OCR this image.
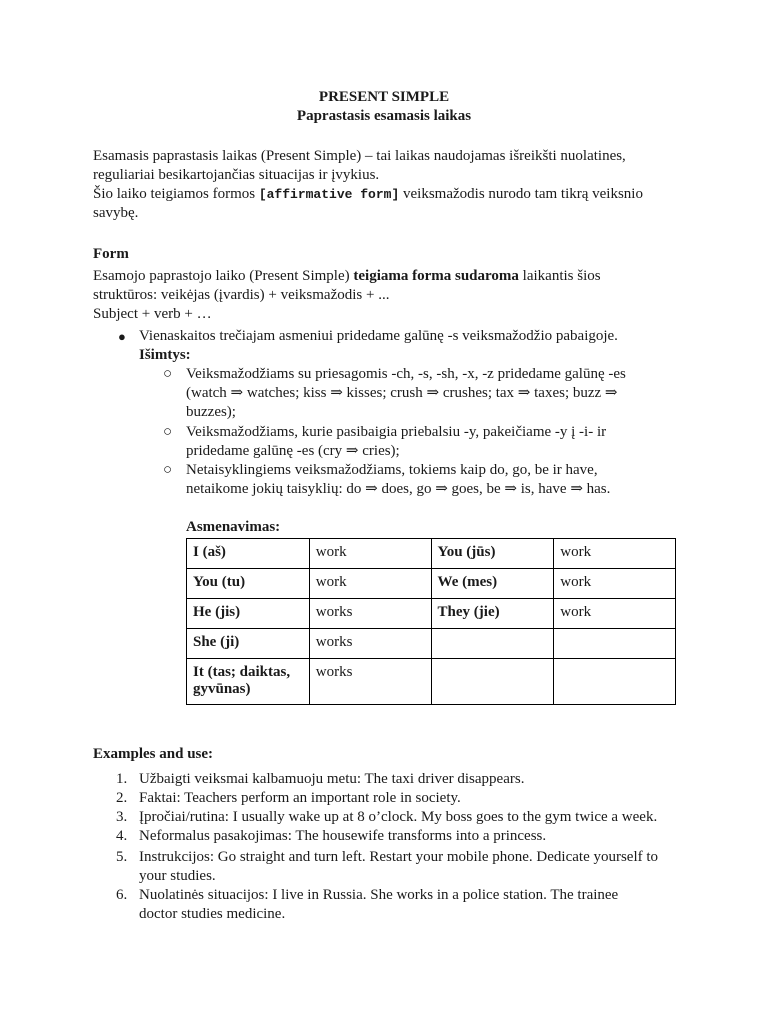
PRESENT SIMPLE
Paprastasis esamasis laikas
Esamasis paprastasis laikas (Present Simple) – tai laikas naudojamas išreikšti nuolatines,
reguliariai besikartojančias situacijas ir įvykius.
Šio laiko teigiamos formos [affirmative form] veiksmažodis nurodo tam tikrą veiksnio
savybę.
Form
Esamojo paprastojo laiko (Present Simple) teigiama forma sudaroma laikantis šios
struktūros: veikėjas (įvardis) + veiksmažodis + ...
Subject + verb + …
● Vienaskaitos trečiajam asmeniui pridedame galūnę -s veiksmažodžio pabaigoje.
Išimtys:
○ Veiksmažodžiams su priesagomis -ch, -s, -sh, -x, -z pridedame galūnę -es
(watch ⇒ watches; kiss ⇒ kisses; crush ⇒ crushes; tax ⇒ taxes; buzz ⇒
buzzes);
○ Veiksmažodžiams, kurie pasibaigia priebalsiu -y, pakeičiame -y į -i- ir
pridedame galūnę -es (cry ⇒ cries);
○ Netaisyklingiems veiksmažodžiams, tokiems kaip do, go, be ir have,
netaikome jokių taisyklių: do ⇒ does, go ⇒ goes, be ⇒ is, have ⇒ has.
Asmenavimas:
I (aš)	work	You (jūs)	work
You (tu)	work	We (mes)	work
He (jis)	works	They (jie)	work
She (ji)	works		
It (tas; daiktas, gyvūnas)	works		
Examples and use:
1. Užbaigti veiksmai kalbamuoju metu: The taxi driver disappears.
2. Faktai: Teachers perform an important role in society.
3. Įpročiai/rutina: I usually wake up at 8 o’clock. My boss goes to the gym twice a week.
4. Neformalus pasakojimas: The housewife transforms into a princess.
5. Instrukcijos: Go straight and turn left. Restart your mobile phone. Dedicate yourself to
your studies.
6. Nuolatinės situacijos: I live in Russia. She works in a police station. The trainee
doctor studies medicine.
